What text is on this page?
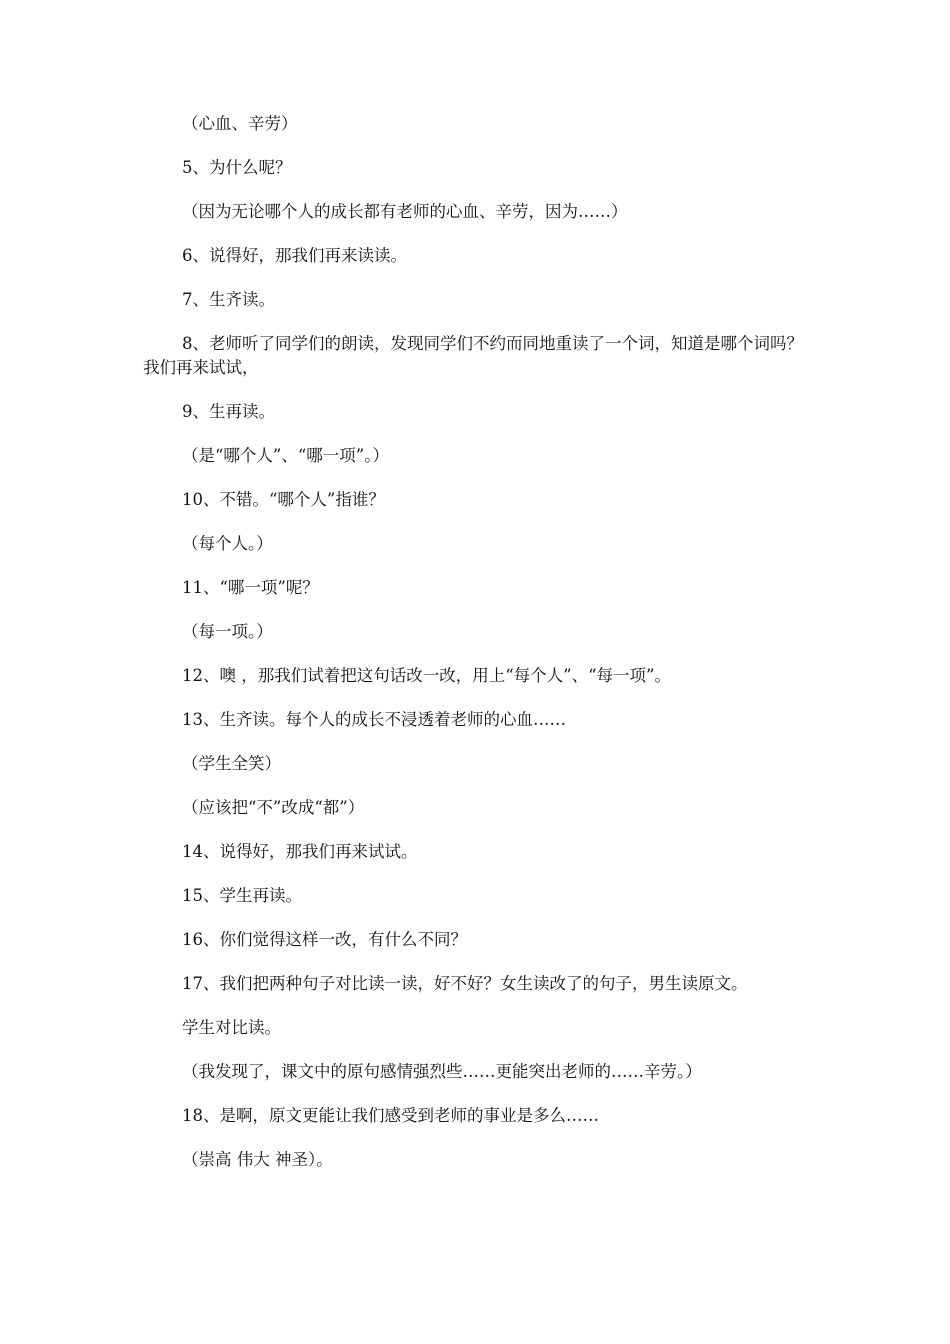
（心血、辛劳）

5、为什么呢？

（因为无论哪个人的成长都有老师的心血、辛劳，因为……）

6、说得好，那我们再来读读。

7、生齐读。

8、老师听了同学们的朗读，发现同学们不约而同地重读了一个词，知道是哪个词吗？我们再来试试，

9、生再读。

（是“哪个人”、“哪一项”。）

10、不错。“哪个人”指谁？

（每个人。）

11、“哪一项”呢？

（每一项。）

12、噢 ，那我们试着把这句话改一改，用上“每个人”、“每一项”。

13、生齐读。每个人的成长不浸透着老师的心血……

（学生全笑）

（应该把“不”改成“都”）

14、说得好，那我们再来试试。

15、学生再读。

16、你们觉得这样一改，有什么不同？

17、我们把两种句子对比读一读，好不好？女生读改了的句子，男生读原文。

学生对比读。

（我发现了，课文中的原句感情强烈些……更能突出老师的……辛劳。）

18、是啊，原文更能让我们感受到老师的事业是多么……

（崇高 伟大 神圣）。
